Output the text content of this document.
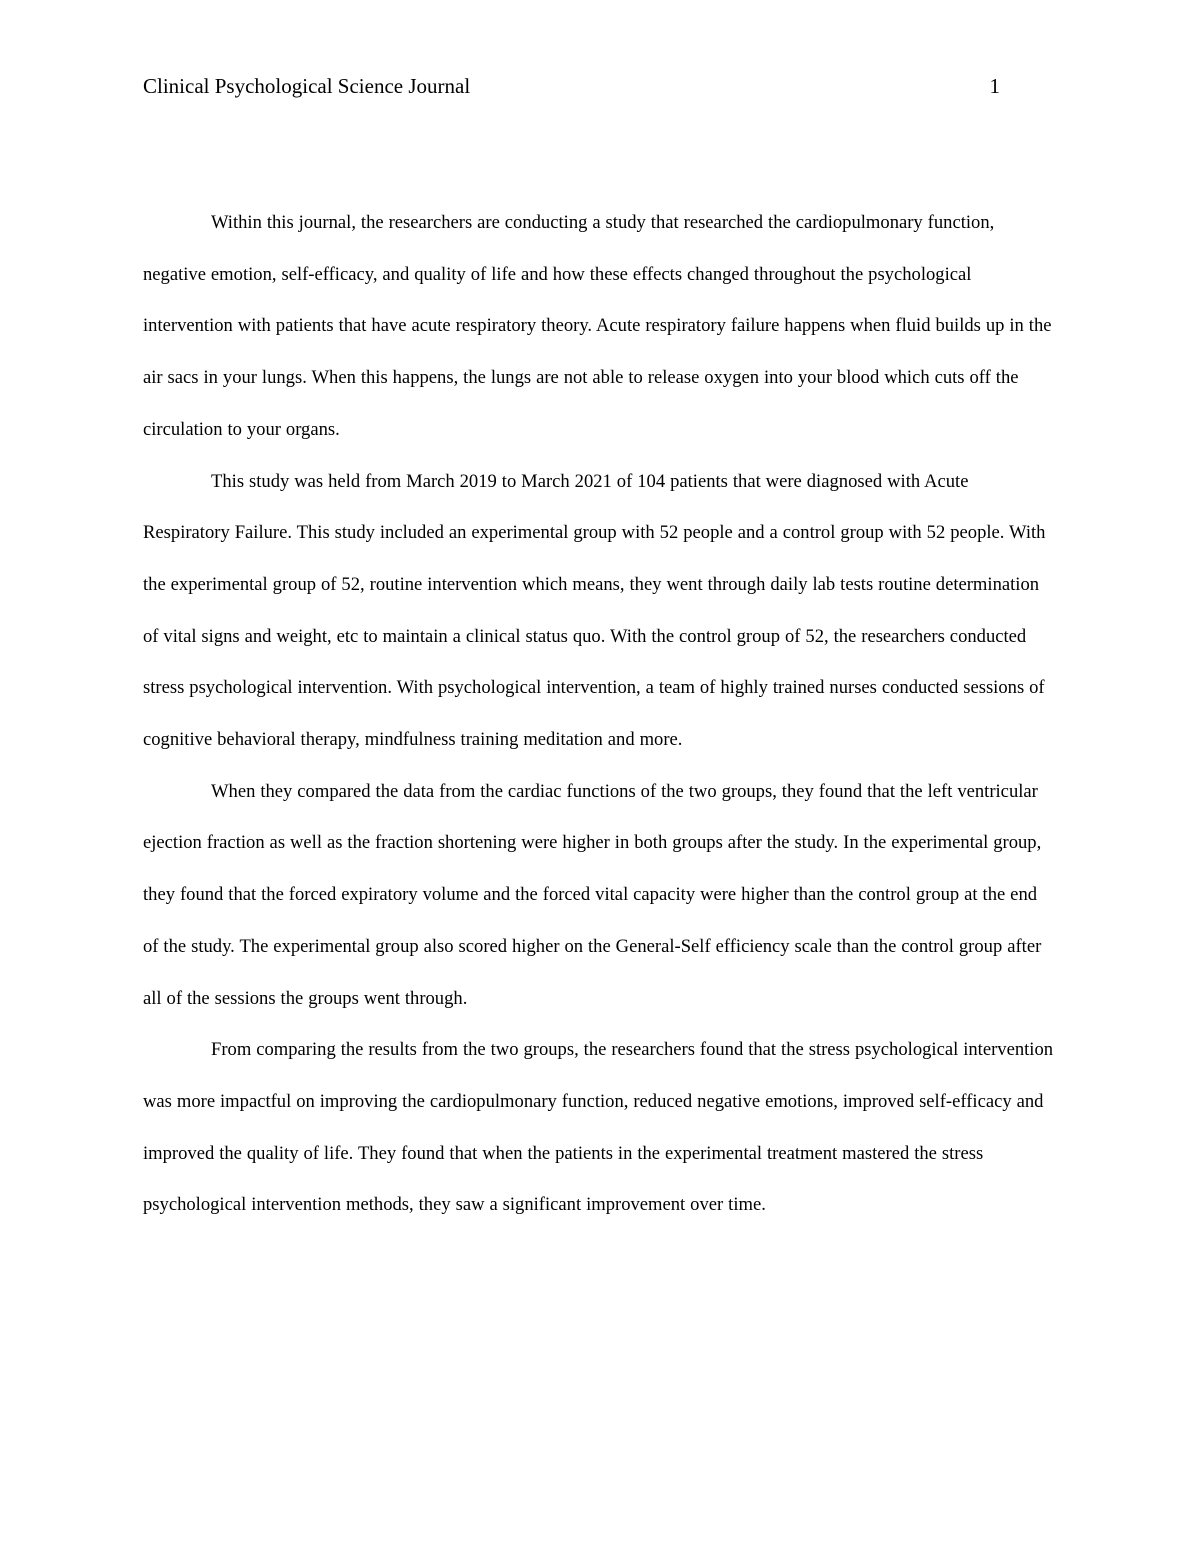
Clinical Psychological Science Journal	1

Within this journal, the researchers are conducting a study that researched the cardiopulmonary function, negative emotion, self-efficacy, and quality of life and how these effects changed throughout the psychological intervention with patients that have acute respiratory theory. Acute respiratory failure happens when fluid builds up in the air sacs in your lungs. When this happens, the lungs are not able to release oxygen into your blood which cuts off the circulation to your organs.

This study was held from March 2019 to March 2021 of 104 patients that were diagnosed with Acute Respiratory Failure. This study included an experimental group with 52 people and a control group with 52 people. With the experimental group of 52, routine intervention which means, they went through daily lab tests routine determination of vital signs and weight, etc to maintain a clinical status quo. With the control group of 52, the researchers conducted stress psychological intervention. With psychological intervention, a team of highly trained nurses conducted sessions of cognitive behavioral therapy, mindfulness training meditation and more.

When they compared the data from the cardiac functions of the two groups, they found that the left ventricular ejection fraction as well as the fraction shortening were higher in both groups after the study. In the experimental group, they found that the forced expiratory volume and the forced vital capacity were higher than the control group at the end of the study. The experimental group also scored higher on the General-Self efficiency scale than the control group after all of the sessions the groups went through.

From comparing the results from the two groups, the researchers found that the stress psychological intervention was more impactful on improving the cardiopulmonary function, reduced negative emotions, improved self-efficacy and improved the quality of life. They found that when the patients in the experimental treatment mastered the stress psychological intervention methods, they saw a significant improvement over time.
